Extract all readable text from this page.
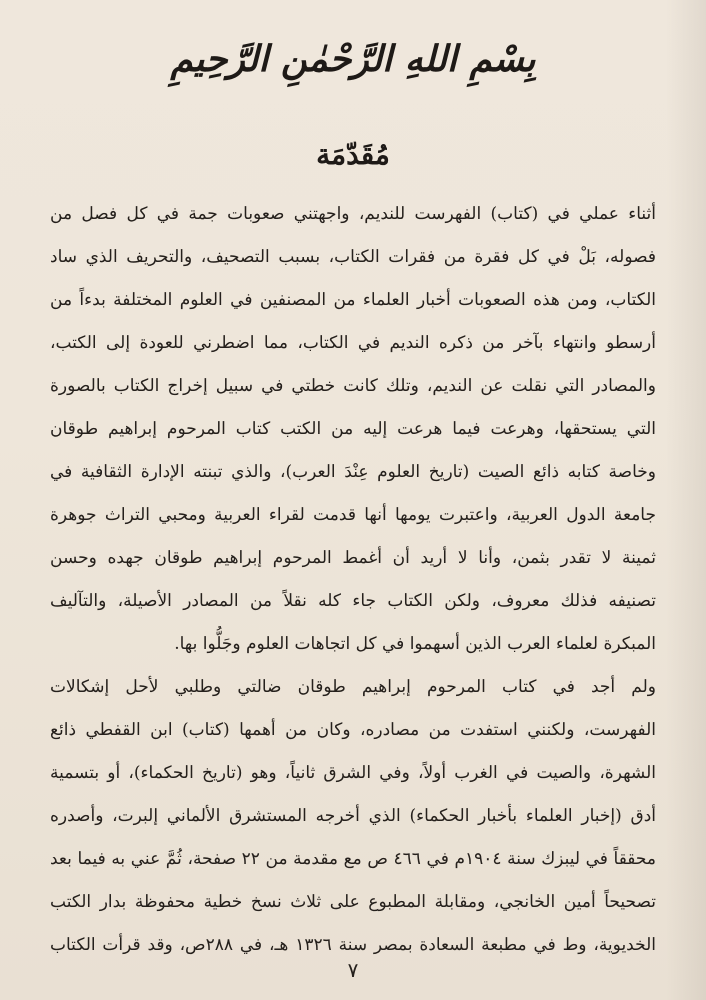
بِسْمِ اللهِ الرَّحْمٰنِ الرَّحِيمِ
مُقَدّمَة
أثناء عملي في (كتاب) الفهرست للنديم، واجهتني صعوبات جمة في كل فصل من
فصوله، بَلْ في كل فقرة من فقرات الكتاب، بسبب التصحيف، والتحريف الذي ساد
الكتاب، ومن هذه الصعوبات أخبار العلماء من المصنفين في العلوم المختلفة بدءاً من
أرسطو وانتهاء بآخر من ذكره النديم في الكتاب، مما اضطرني للعودة إلى الكتب،
والمصادر التي نقلت عن النديم، وتلك كانت خطتي في سبيل إخراج الكتاب بالصورة
التي يستحقها، وهرعت فيما هرعت إليه من الكتب كتاب المرحوم إبراهيم طوقان
وخاصة كتابه ذائع الصيت (تاريخ العلوم عِنْدَ العرب)، والذي تبنته الإدارة الثقافية في
جامعة الدول العربية، واعتبرت يومها أنها قدمت لقراء العربية ومحبي التراث جوهرة
ثمينة لا تقدر بثمن، وأنا لا أريد أن أغمط المرحوم إبراهيم طوقان جهده وحسن
تصنيفه فذلك معروف، ولكن الكتاب جاء كله نقلاً من المصادر الأصيلة، والتآليف
المبكرة لعلماء العرب الذين أسهموا في كل اتجاهات العلوم وجَلُّوا بها.
ولم أجد في كتاب المرحوم إبراهيم طوقان ضالتي وطلبي لأحل إشكالات
الفهرست، ولكنني استفدت من مصادره، وكان من أهمها (كتاب) ابن القفطي ذائع
الشهرة، والصيت في الغرب أولاً، وفي الشرق ثانياً، وهو (تاريخ الحكماء)، أو بتسمية
أدق (إخبار العلماء بأخبار الحكماء) الذي أخرجه المستشرق الألماني إلبرت، وأصدره
محققاً في ليبزك سنة ١٩٠٤م في ٤٦٦ ص مع مقدمة من ٢٢ صفحة، ثُمَّ عني به فيما بعد
تصحيحاً أمين الخانجي، ومقابلة المطبوع على ثلاث نسخ خطية محفوظة بدار الكتب
الخديوية، وط في مطبعة السعادة بمصر سنة ١٣٢٦ هـ، في ٢٨٨ص، وقد قرأت الكتاب
٧
